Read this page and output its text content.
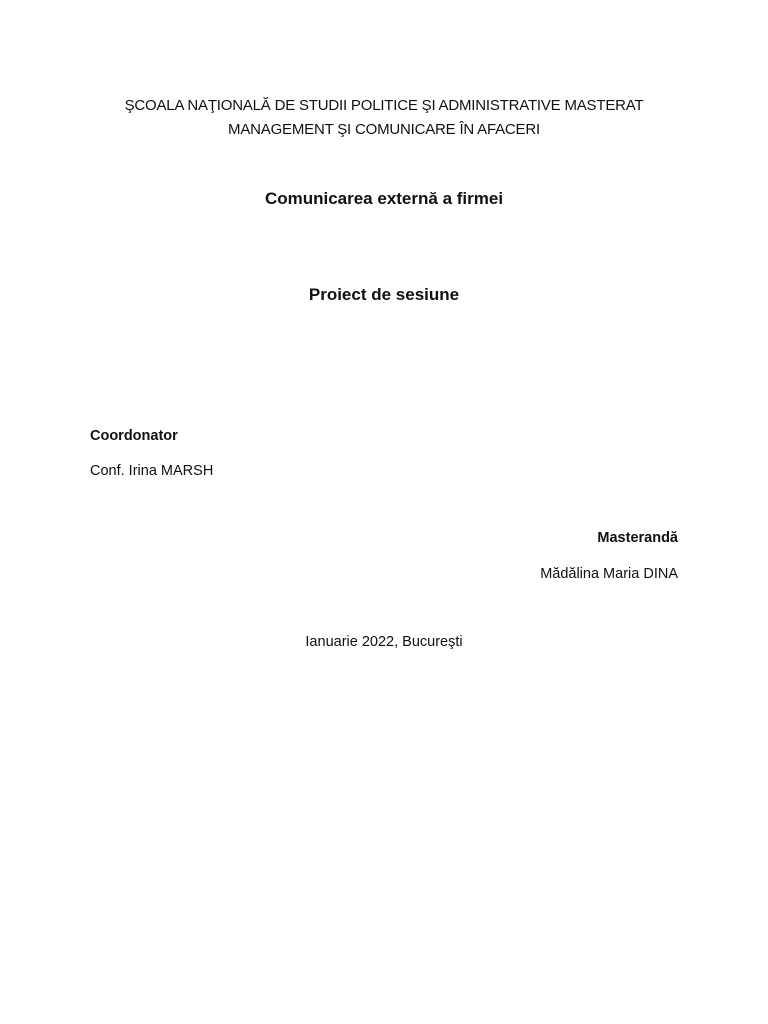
ŞCOALA NAŢIONALĂ DE STUDII POLITICE ŞI ADMINISTRATIVE MASTERAT
MANAGEMENT ŞI COMUNICARE ÎN AFACERI
Comunicarea externă a firmei
Proiect de sesiune
Coordonator
Conf. Irina MARSH
Masterandă
Mădălina Maria DINA
Ianuarie 2022, Bucureşti
